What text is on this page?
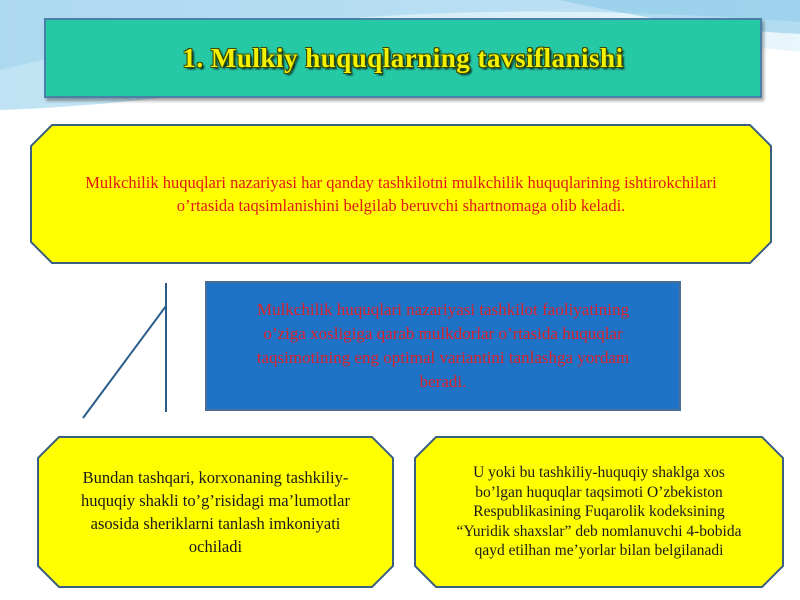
1. Mulkiy huquqlarning tavsiflanishi
Mulkchilik huquqlari nazariyasi har qanday tashkilotni mulkchilik huquqlarining ishtirokchilari o’rtasida taqsimlanishini belgilab beruvchi shartnomaga olib keladi.
Mulkchilik huquqlari nazariyasi tashkilot faoliyatining o’ziga xosligiga qarab mulkdorlar o’rtasida huquqlar taqsimotining eng optimal variantini tanlashga yordam beradi.
Bundan tashqari, korxonaning tashkiliy-huquqiy shakli to’g’risidagi ma’lumotlar asosida sheriklarni tanlash imkoniyati ochiladi
U yoki bu tashkiliy-huquqiy shaklga xos bo’lgan huquqlar taqsimoti O’zbekiston Respublikasining Fuqarolik kodeksining “Yuridik shaxslar” deb nomlanuvchi 4-bobida qayd etilhan me’yorlar bilan belgilanadi
